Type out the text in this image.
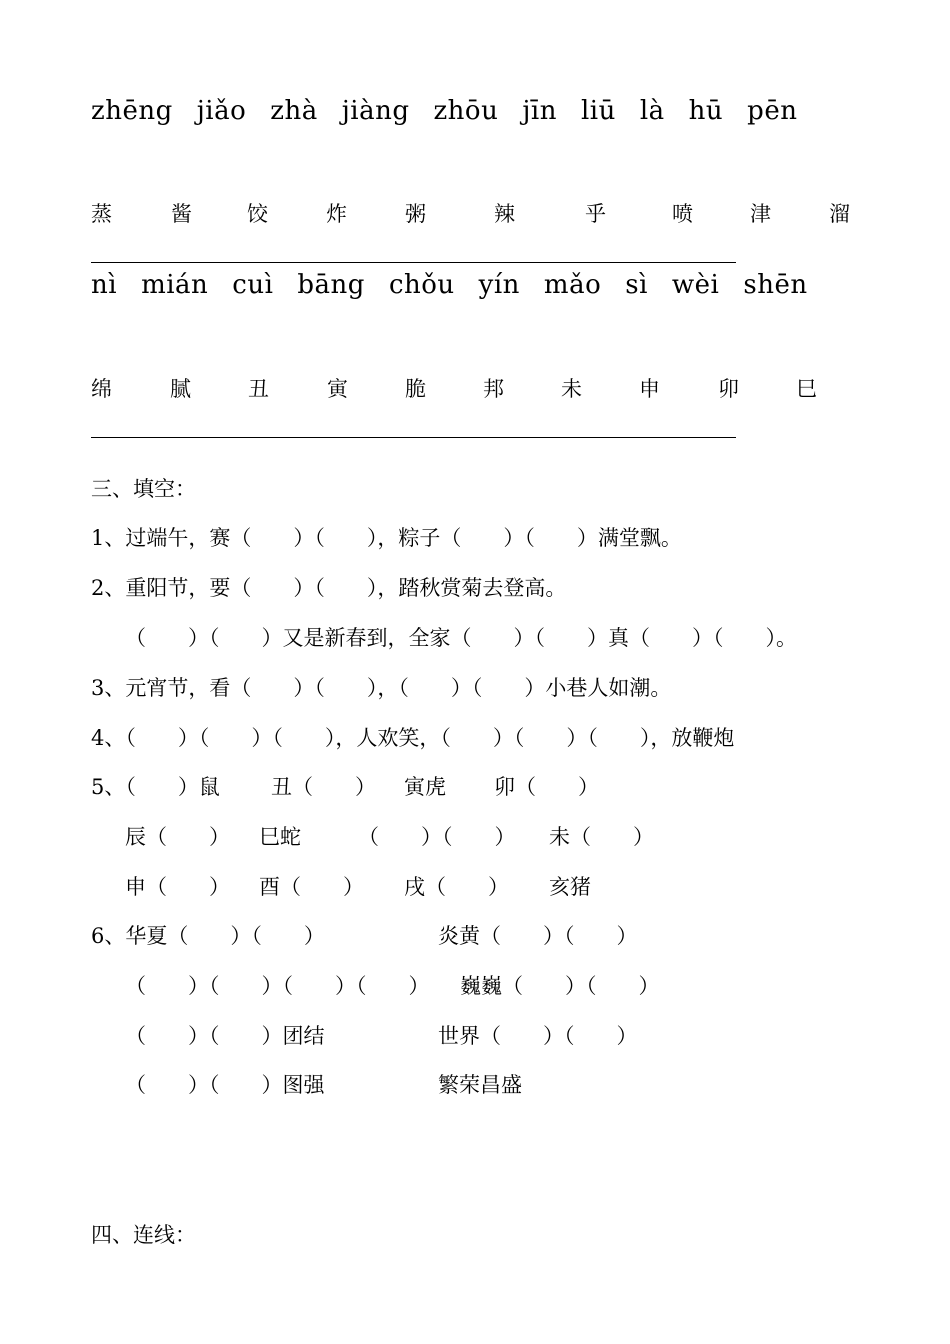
zhēng jiǎo zhà jiàng zhōu jīn liū là hū pēn
蒸	酱	饺	炸	粥	辣	乎	喷	津	溜
nì mián cuì bāng chǒu yín mǎo sì wèi shēn
绵	腻	丑	寅	脆	邦	未	申	卯	巳
三、填空：
1、过端午，赛（　　）（　　），粽子（　　）（　　）满堂飘。
2、重阳节，要（　　）（　　），踏秋赏菊去登高。
（　　）（　　）又是新春到，全家（　　）（　　）真（　　）（　　）。
3、元宵节，看（　　）（　　），（　　）（　　）小巷人如潮。
4、（　　）（　　）（　　），人欢笑，（　　）（　　）（　　），放鞭炮
5、（　　）鼠 丑（　　） 寅虎 卯（　　）
辰（　　） 巳蛇	（　　）（　　） 未（　　）
申（　　） 酉（　　） 戌（　　） 亥猪
6、华夏（　　）（　　）	炎黄（　　）（　　）
（　　）（　　）（　　）（　　） 巍巍（　　）（　　）
（　　）（　　）团结	世界（　　）（　　）
（　　）（　　）图强	繁荣昌盛
四、连线：
